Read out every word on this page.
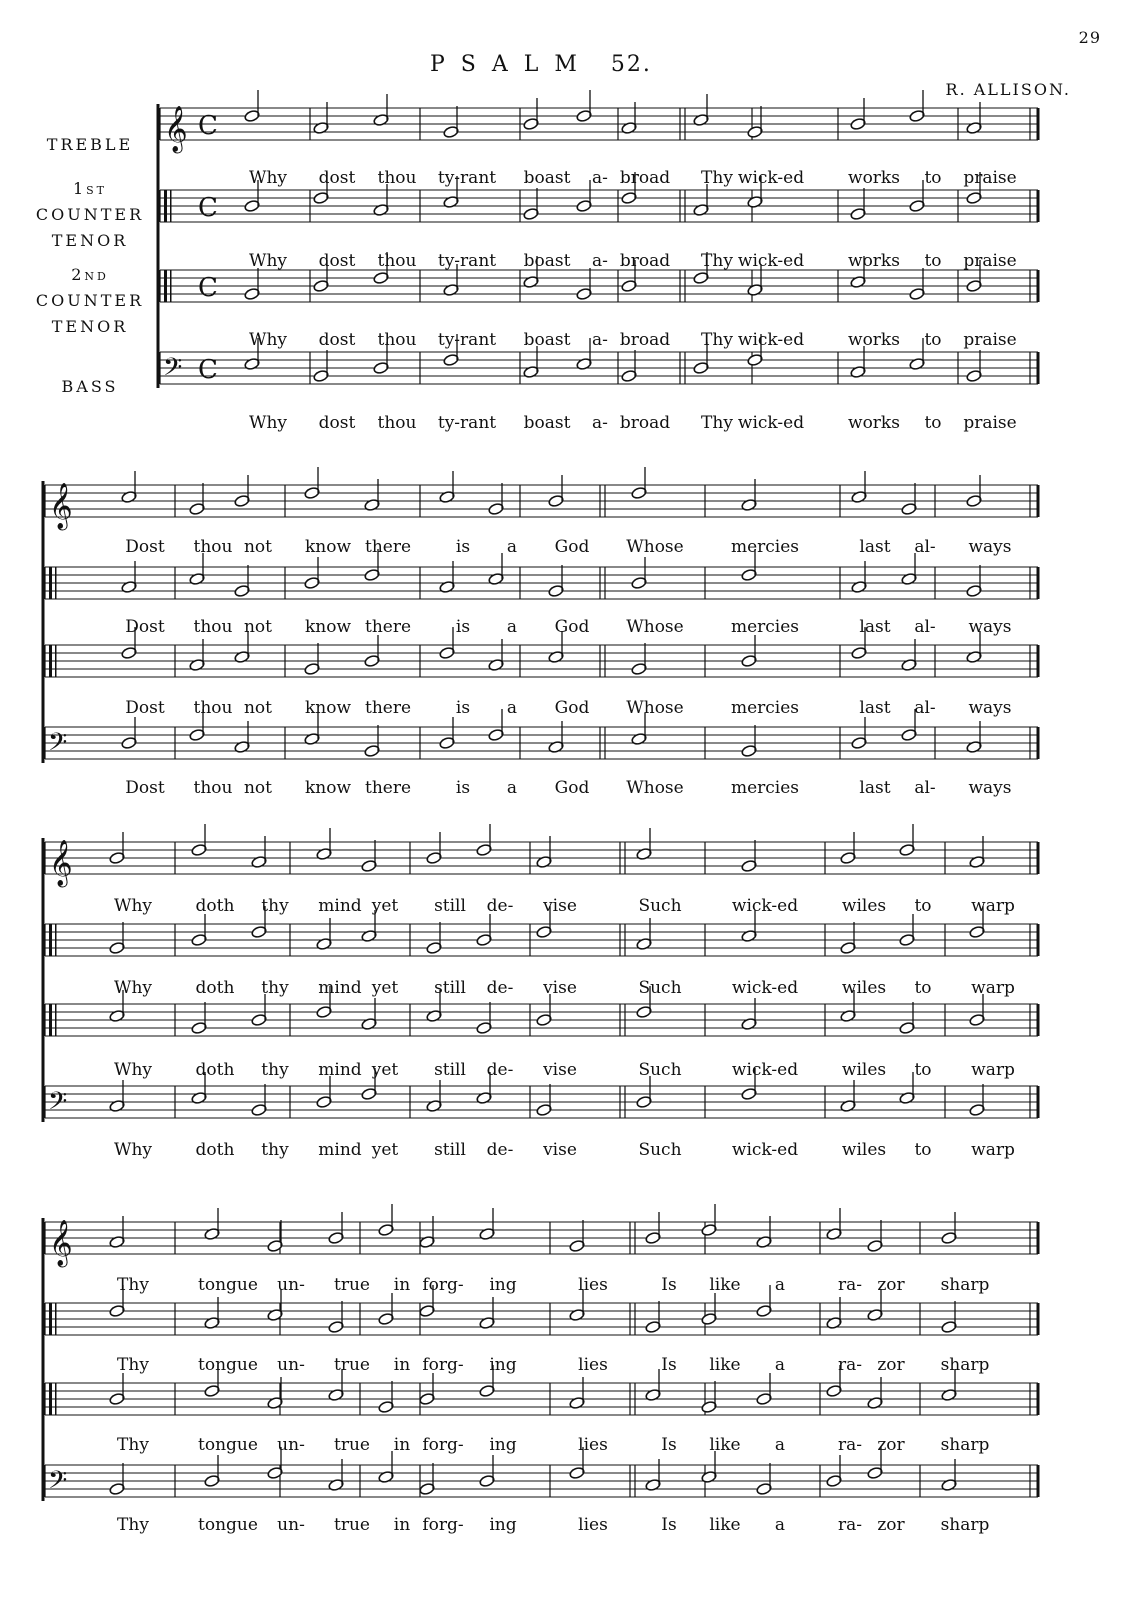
29
PSALM 52.
R. ALLISON.
TREBLE
1st
COUNTER
TENOR
2nd
COUNTER
TENOR
BASS
𝄞 C
C
C
𝄢 C
Why dost thou ty-rant boast a- broad Thy wick-ed	works to praise
Why dost thou ty-rant boast a- broad Thy wick-ed	works to praise
Why dost thou ty-rant boast a- broad Thy wick-ed	works to praise
Why dost thou ty-rant boast a- broad Thy wick-ed	works to praise
𝄞
𝄢
Dost thou not know there	is a God Whose	mercies	last al- ways
Dost thou not know there	is a God Whose	mercies	last al- ways
Dost thou not know there	is a God Whose	mercies	last al- ways
Dost thou not know there	is a God Whose	mercies	last al- ways
𝄞
𝄢
Why	doth thy mind yet still de- vise	Such	wick-ed	wiles to warp
Why	doth thy mind yet still de- vise	Such	wick-ed	wiles to warp
Why	doth thy mind yet still de- vise	Such	wick-ed	wiles to warp
Why	doth thy mind yet still de- vise	Such	wick-ed	wiles to warp
𝄞
𝄢
Thy	tongue un- true in forg- ing	lies	Is like a	ra- zor sharp
Thy	tongue un- true in forg- ing	lies	Is like a	ra- zor sharp
Thy	tongue un- true in forg- ing	lies	Is like a	ra- zor sharp
Thy	tongue un- true in forg- ing	lies	Is like a	ra- zor sharp
